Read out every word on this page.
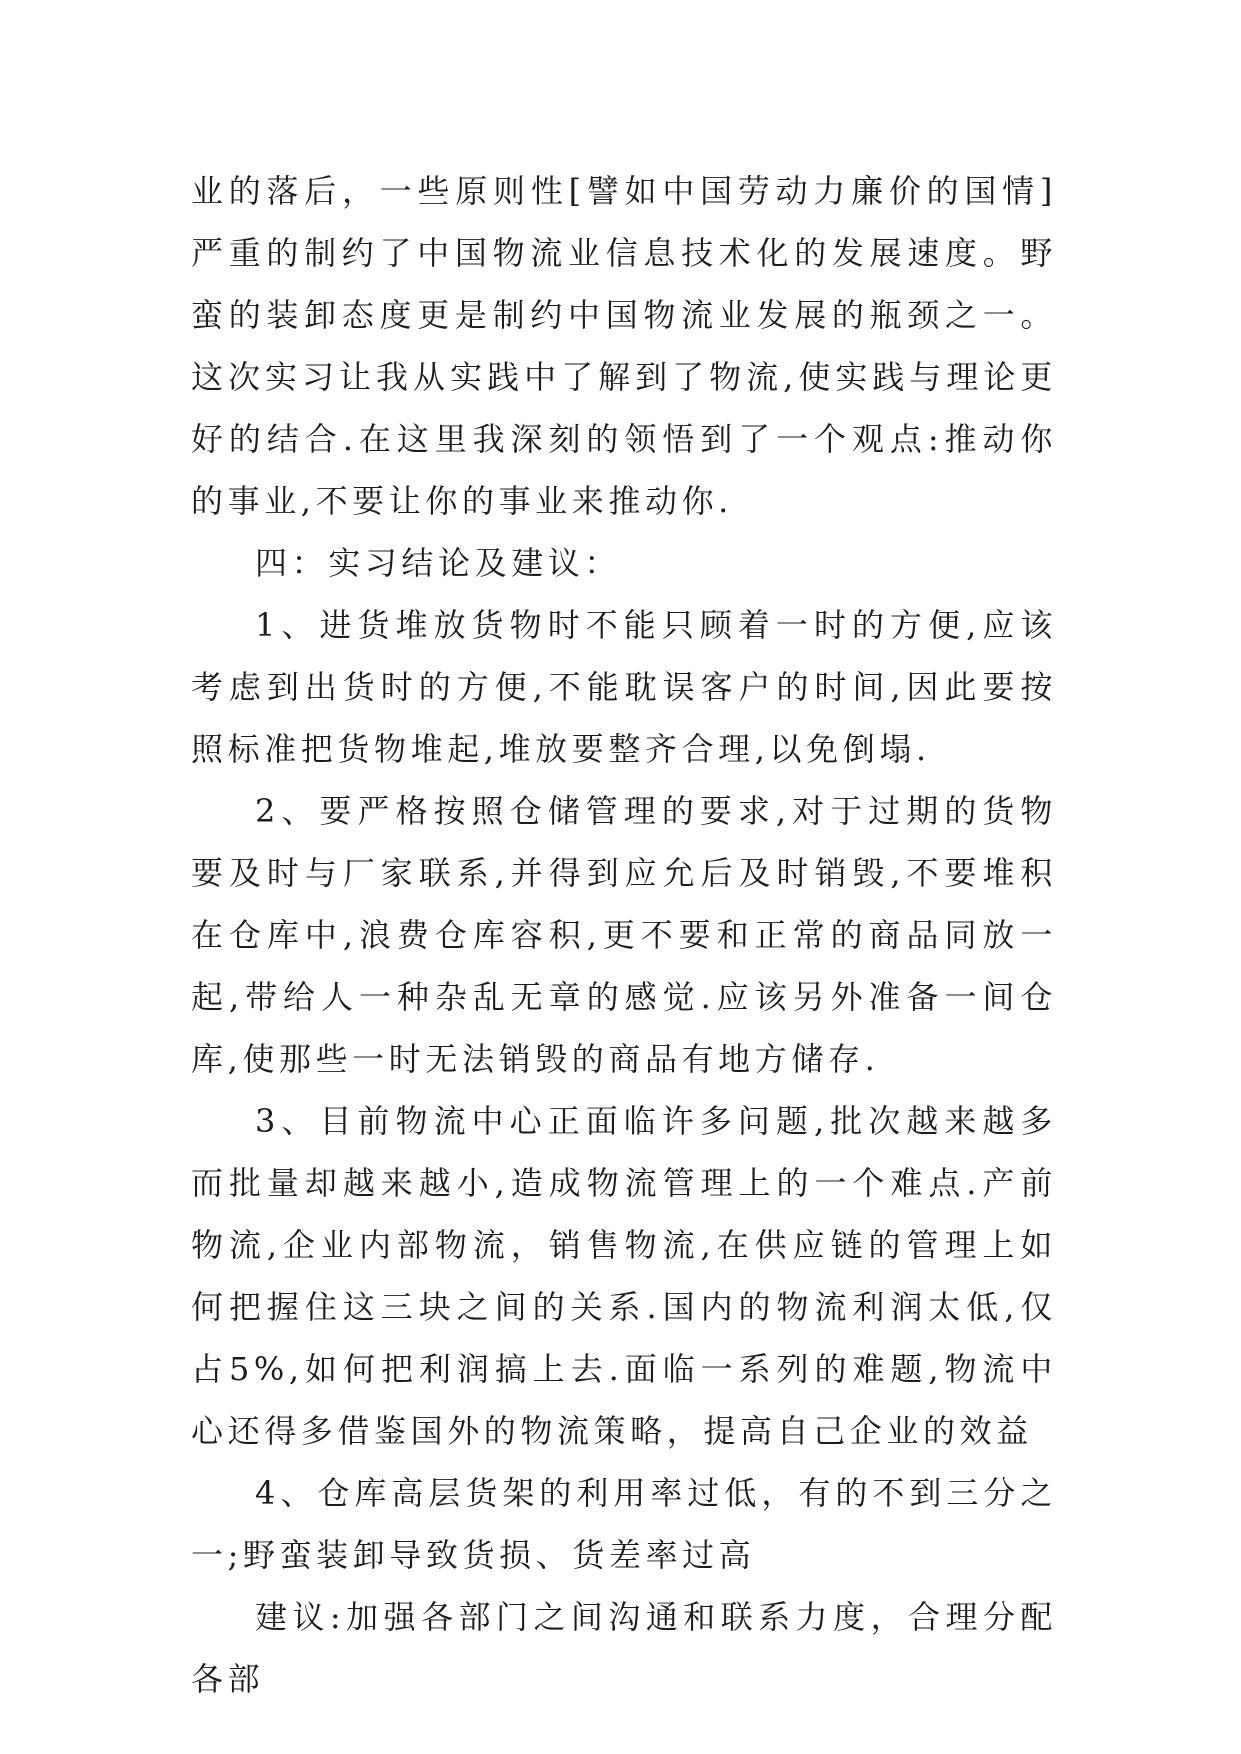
业的落后，一些原则性[譬如中国劳动力廉价的国情]严重的制约了中国物流业信息技术化的发展速度。野蛮的装卸态度更是制约中国物流业发展的瓶颈之一。这次实习让我从实践中了解到了物流,使实践与理论更好的结合.在这里我深刻的领悟到了一个观点:推动你的事业,不要让你的事业来推动你.

四：实习结论及建议：

1、进货堆放货物时不能只顾着一时的方便,应该考虑到出货时的方便,不能耽误客户的时间,因此要按照标准把货物堆起,堆放要整齐合理,以免倒塌.

2、要严格按照仓储管理的要求,对于过期的货物要及时与厂家联系,并得到应允后及时销毁,不要堆积在仓库中,浪费仓库容积,更不要和正常的商品同放一起,带给人一种杂乱无章的感觉.应该另外准备一间仓库,使那些一时无法销毁的商品有地方储存.

3、目前物流中心正面临许多问题,批次越来越多而批量却越来越小,造成物流管理上的一个难点.产前物流,企业内部物流，销售物流,在供应链的管理上如何把握住这三块之间的关系.国内的物流利润太低,仅占5%,如何把利润搞上去.面临一系列的难题,物流中心还得多借鉴国外的物流策略，提高自己企业的效益

4、仓库高层货架的利用率过低，有的不到三分之一;野蛮装卸导致货损、货差率过高

建议:加强各部门之间沟通和联系力度，合理分配各部
